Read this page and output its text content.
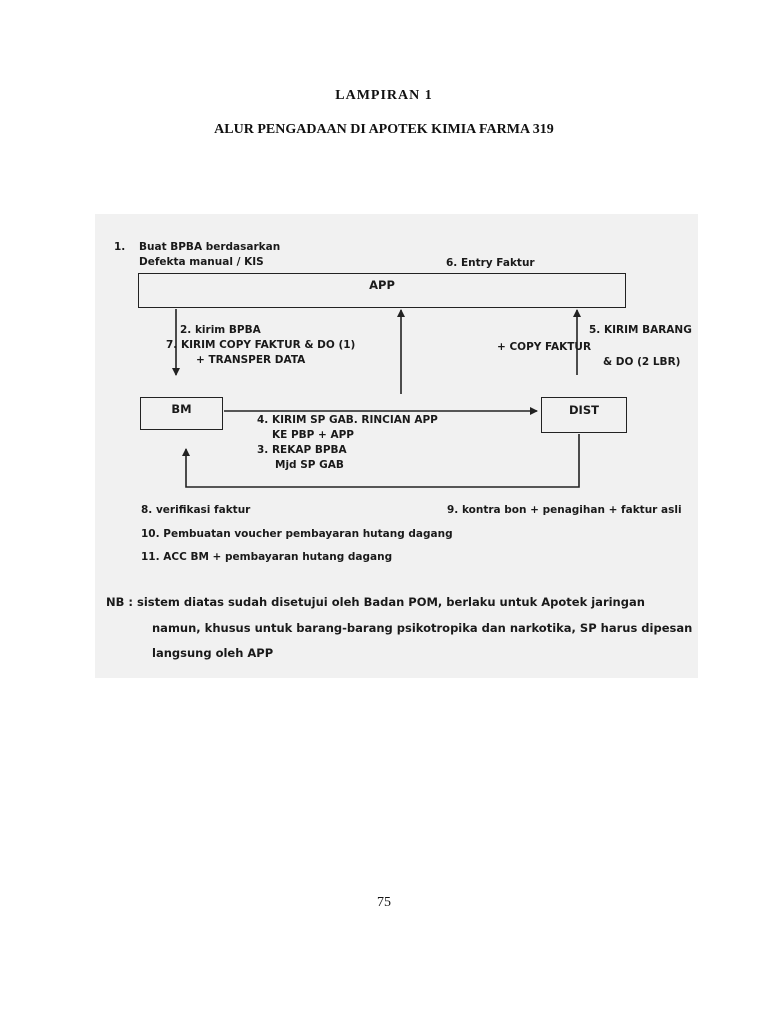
LAMPIRAN 1
ALUR PENGADAAN DI APOTEK KIMIA FARMA 319
1. Buat BPBA berdasarkan
Defekta manual / KIS	6. Entry Faktur
APP
2. kirim BPBA
7. KIRIM COPY FAKTUR & DO (1)
+ TRANSPER DATA
+ COPY FAKTUR
5. KIRIM BARANG
& DO (2 LBR)
BM	DIST
4. KIRIM SP GAB. RINCIAN APP
KE PBP + APP
3. REKAP BPBA
Mjd SP GAB
8. verifikasi faktur	9. kontra bon + penagihan + faktur asli
10. Pembuatan voucher pembayaran hutang dagang
11. ACC BM + pembayaran hutang dagang
NB : sistem diatas sudah disetujui oleh Badan POM, berlaku untuk Apotek jaringan
namun, khusus untuk barang-barang psikotropika dan narkotika, SP harus dipesan
langsung oleh APP
75
